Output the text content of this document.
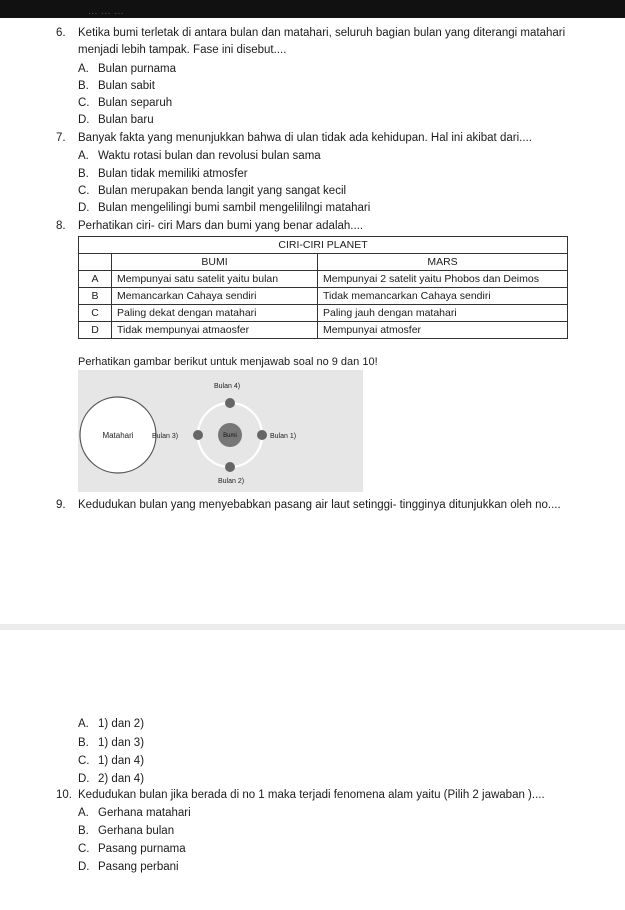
... ... ...
6. Ketika bumi terletak di antara bulan dan matahari, seluruh bagian bulan yang diterangi matahari menjadi lebih tampak. Fase ini disebut....
A. Bulan purnama
B. Bulan sabit
C. Bulan separuh
D. Bulan baru
7. Banyak fakta yang menunjukkan bahwa di ulan tidak ada kehidupan. Hal ini akibat dari....
A. Waktu rotasi bulan dan revolusi bulan sama
B. Bulan tidak memiliki atmosfer
C. Bulan merupakan benda langit yang sangat kecil
D. Bulan mengelilingi bumi sambil mengelililngi matahari
8. Perhatikan ciri- ciri Mars dan bumi yang benar adalah....
CIRI-CIRI PLANET		
	BUMI	MARS
A	Mempunyai satu satelit yaitu bulan	Mempunyai 2 satelit yaitu Phobos dan Deimos
B	Memancarkan Cahaya sendiri	Tidak memancarkan Cahaya sendiri
C	Paling dekat dengan matahari	Paling jauh dengan matahari
D	Tidak mempunyai atmaosfer	Mempunyai atmosfer
Perhatikan gambar berikut untuk menjawab soal no 9 dan 10!
Matahari	Bumi	Bulan 1)
Bulan 2)
Bulan 3)
Bulan 4)
9. Kedudukan bulan yang menyebabkan pasang air laut setinggi- tingginya ditunjukkan oleh no....
A. 1) dan 2)
B. 1) dan 3)
C. 1) dan 4)
D. 2) dan 4)
10. Kedudukan bulan jika berada di no 1 maka terjadi fenomena alam yaitu (Pilih 2 jawaban )....
A. Gerhana matahari
B. Gerhana bulan
C. Pasang purnama
D. Pasang perbani
